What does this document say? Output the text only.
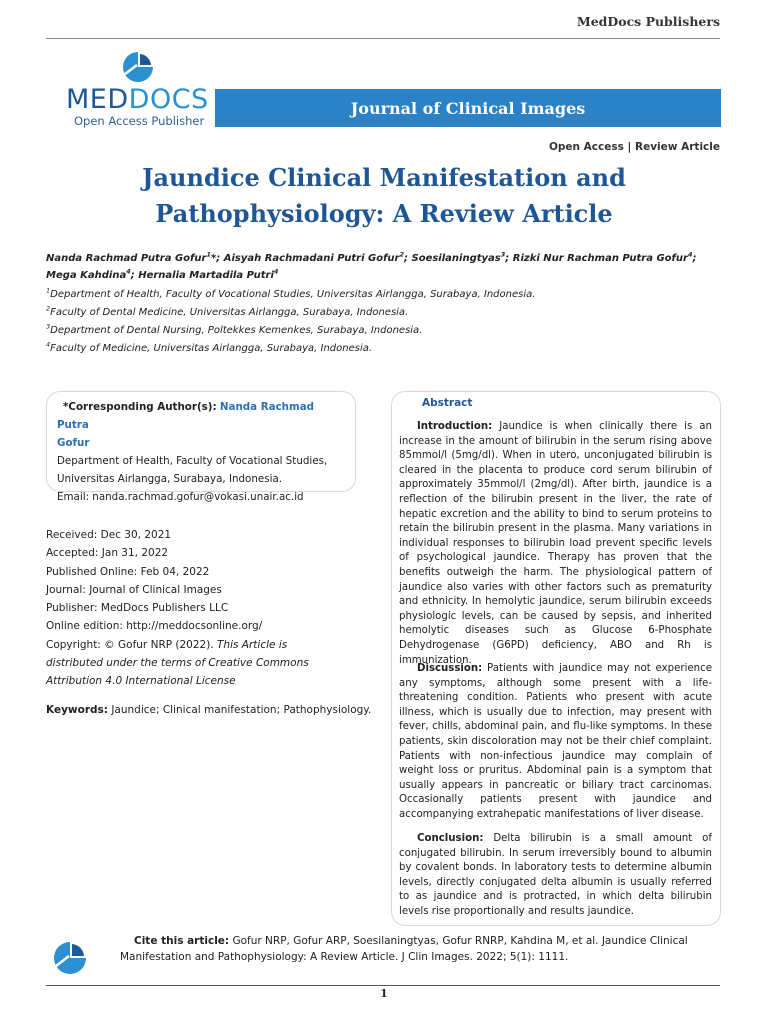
MedDocs Publishers
MEDDOCS
Open Access Publisher
Journal of Clinical Images
Open Access | Review Article
Jaundice Clinical Manifestation and
Pathophysiology: A Review Article
Nanda Rachmad Putra Gofur$^1$*; Aisyah Rachmadani Putri Gofur$^2$; Soesilaningtyas$^3$; Rizki Nur Rachman Putra Gofur$^4$; Mega Kahdina$^4$; Hernalia Martadila Putri$^4$
$^1$Department of Health, Faculty of Vocational Studies, Universitas Airlangga, Surabaya, Indonesia.
$^2$Faculty of Dental Medicine, Universitas Airlangga, Surabaya, Indonesia.
$^3$Department of Dental Nursing, Poltekkes Kemenkes, Surabaya, Indonesia.
$^4$Faculty of Medicine, Universitas Airlangga, Surabaya, Indonesia.
*Corresponding Author(s): Nanda Rachmad Putra
Gofur
Department of Health, Faculty of Vocational Studies,
Universitas Airlangga, Surabaya, Indonesia.
Email: nanda.rachmad.gofur@vokasi.unair.ac.id
Received: Dec 30, 2021
Accepted: Jan 31, 2022
Published Online: Feb 04, 2022
Journal: Journal of Clinical Images
Publisher: MedDocs Publishers LLC
Online edition: http://meddocsonline.org/
Copyright: © Gofur NRP (2022). This Article is
distributed under the terms of Creative Commons
Attribution 4.0 International License
Keywords: Jaundice; Clinical manifestation; Pathophysiology.
Abstract
Introduction: Jaundice is when clinically there is an increase in the amount of bilirubin in the serum rising above 85mmol/l (5mg/dl). When in utero, unconjugated bilirubin is cleared in the placenta to produce cord serum bilirubin of approximately 35mmol/l (2mg/dl). After birth, jaundice is a reflection of the bilirubin present in the liver, the rate of hepatic excretion and the ability to bind to serum proteins to retain the bilirubin present in the plasma. Many variations in individual responses to bilirubin load prevent specific levels of psychological jaundice. Therapy has proven that the benefits outweigh the harm. The physiological pattern of jaundice also varies with other factors such as prematurity and ethnicity. In hemolytic jaundice, serum bilirubin exceeds physiologic levels, can be caused by sepsis, and inherited hemolytic diseases such as Glucose 6-Phosphate Dehydrogenase (G6PD) deficiency, ABO and Rh is immunization.
Discussion: Patients with jaundice may not experience any symptoms, although some present with a life-threatening condition. Patients who present with acute illness, which is usually due to infection, may present with fever, chills, abdominal pain, and flu-like symptoms. In these patients, skin discoloration may not be their chief complaint. Patients with non-infectious jaundice may complain of weight loss or pruritus. Abdominal pain is a symptom that usually appears in pancreatic or biliary tract carcinomas. Occasionally patients present with jaundice and accompanying extrahepatic manifestations of liver disease.
Conclusion: Delta bilirubin is a small amount of conjugated bilirubin. In serum irreversibly bound to albumin by covalent bonds. In laboratory tests to determine albumin levels, directly conjugated delta albumin is usually referred to as jaundice and is protracted, in which delta bilirubin levels rise proportionally and results jaundice.
Cite this article: Gofur NRP, Gofur ARP, Soesilaningtyas, Gofur RNRP, Kahdina M, et al. Jaundice Clinical Manifestation and Pathophysiology: A Review Article. J Clin Images. 2022; 5(1): 1111.
1
